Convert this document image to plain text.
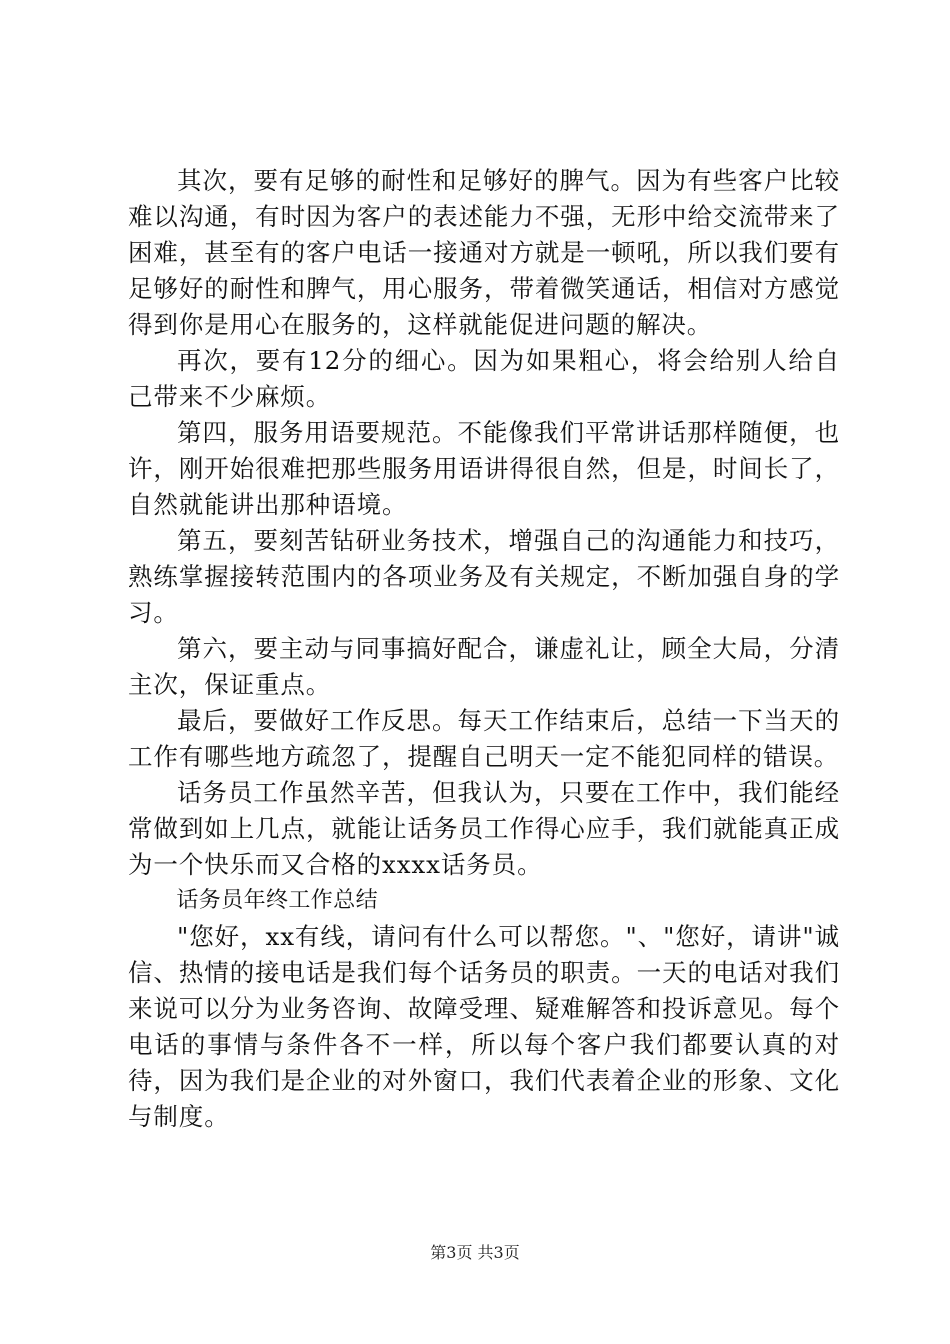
其次，要有足够的耐性和足够好的脾气。因为有些客户比较难以沟通，有时因为客户的表述能力不强，无形中给交流带来了困难，甚至有的客户电话一接通对方就是一顿吼，所以我们要有足够好的耐性和脾气，用心服务，带着微笑通话，相信对方感觉得到你是用心在服务的，这样就能促进问题的解决。

再次，要有12分的细心。因为如果粗心，将会给别人给自己带来不少麻烦。

第四，服务用语要规范。不能像我们平常讲话那样随便，也许，刚开始很难把那些服务用语讲得很自然，但是，时间长了，自然就能讲出那种语境。

第五，要刻苦钻研业务技术，增强自己的沟通能力和技巧，熟练掌握接转范围内的各项业务及有关规定，不断加强自身的学习。

第六，要主动与同事搞好配合，谦虚礼让，顾全大局，分清主次，保证重点。

最后，要做好工作反思。每天工作结束后，总结一下当天的工作有哪些地方疏忽了，提醒自己明天一定不能犯同样的错误。

话务员工作虽然辛苦，但我认为，只要在工作中，我们能经常做到如上几点，就能让话务员工作得心应手，我们就能真正成为一个快乐而又合格的xxxx话务员。

话务员年终工作总结

"您好，xx有线，请问有什么可以帮您。"、"您好，请讲"诚信、热情的接电话是我们每个话务员的职责。一天的电话对我们来说可以分为业务咨询、故障受理、疑难解答和投诉意见。每个电话的事情与条件各不一样，所以每个客户我们都要认真的对待，因为我们是企业的对外窗口，我们代表着企业的形象、文化与制度。

第3页 共3页
